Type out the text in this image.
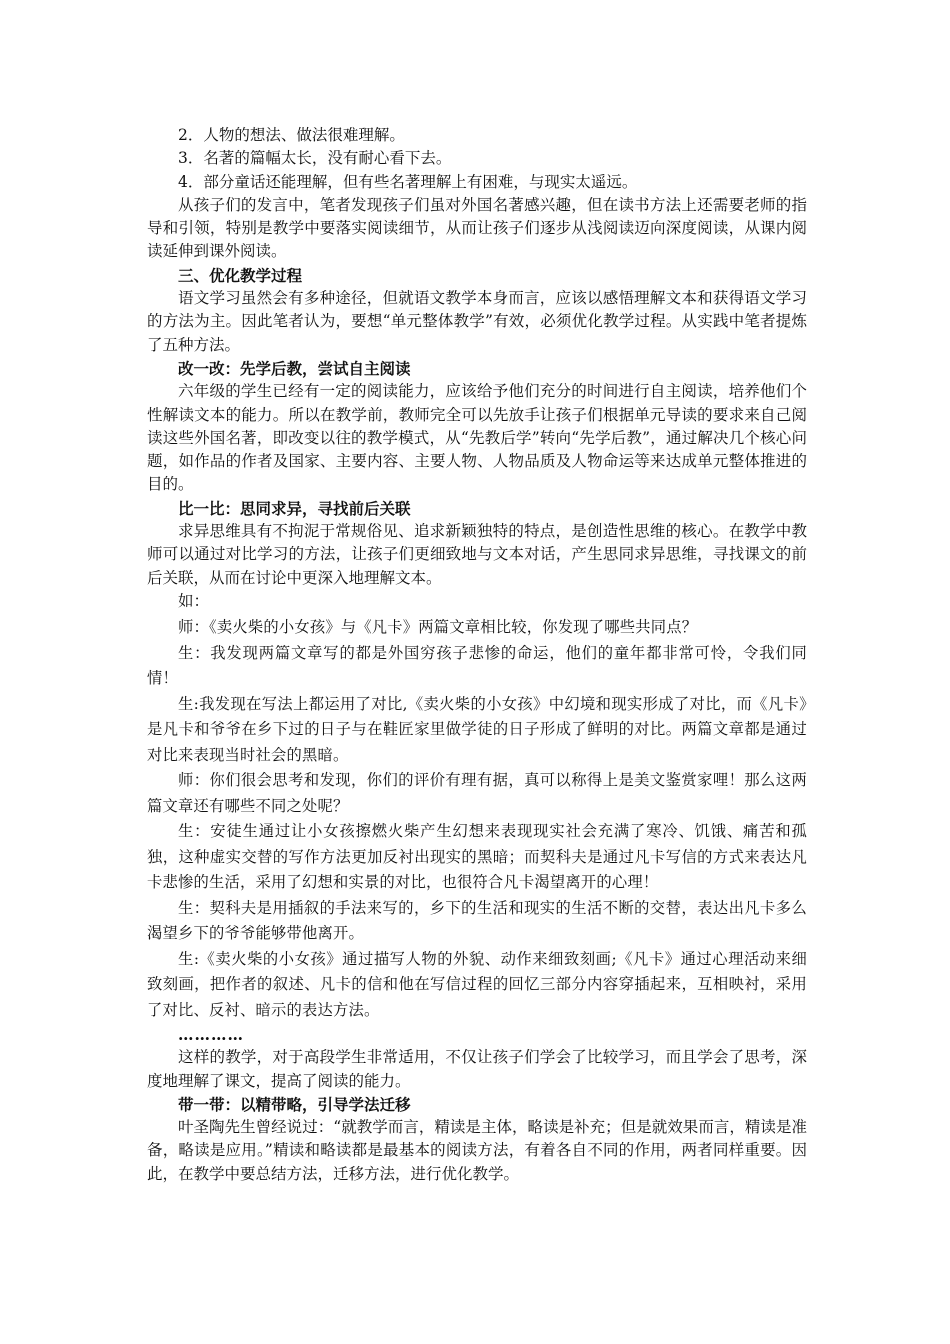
2．人物的想法、做法很难理解。

3．名著的篇幅太长，没有耐心看下去。

4．部分童话还能理解，但有些名著理解上有困难，与现实太遥远。

从孩子们的发言中，笔者发现孩子们虽对外国名著感兴趣，但在读书方法上还需要老师的指导和引领，特别是教学中要落实阅读细节，从而让孩子们逐步从浅阅读迈向深度阅读，从课内阅读延伸到课外阅读。

三、优化教学过程

语文学习虽然会有多种途径，但就语文教学本身而言，应该以感悟理解文本和获得语文学习的方法为主。因此笔者认为，要想“单元整体教学”有效，必须优化教学过程。从实践中笔者提炼了五种方法。

改一改：先学后教，尝试自主阅读

六年级的学生已经有一定的阅读能力，应该给予他们充分的时间进行自主阅读，培养他们个性解读文本的能力。所以在教学前，教师完全可以先放手让孩子们根据单元导读的要求来自己阅读这些外国名著，即改变以往的教学模式，从“先教后学”转向“先学后教”，通过解决几个核心问题，如作品的作者及国家、主要内容、主要人物、人物品质及人物命运等来达成单元整体推进的目的。

比一比：思同求异，寻找前后关联

求异思维具有不拘泥于常规俗见、追求新颖独特的特点，是创造性思维的核心。在教学中教师可以通过对比学习的方法，让孩子们更细致地与文本对话，产生思同求异思维，寻找课文的前后关联，从而在讨论中更深入地理解文本。

如：

师：《卖火柴的小女孩》与《凡卡》两篇文章相比较，你发现了哪些共同点？

生：我发现两篇文章写的都是外国穷孩子悲惨的命运，他们的童年都非常可怜，令我们同情！

生:我发现在写法上都运用了对比,《卖火柴的小女孩》中幻境和现实形成了对比，而《凡卡》是凡卡和爷爷在乡下过的日子与在鞋匠家里做学徒的日子形成了鲜明的对比。两篇文章都是通过对比来表现当时社会的黑暗。

师：你们很会思考和发现，你们的评价有理有据，真可以称得上是美文鉴赏家哩！那么这两篇文章还有哪些不同之处呢？

生：安徒生通过让小女孩擦燃火柴产生幻想来表现现实社会充满了寒冷、饥饿、痛苦和孤独，这种虚实交替的写作方法更加反衬出现实的黑暗；而契科夫是通过凡卡写信的方式来表达凡卡悲惨的生活，采用了幻想和实景的对比，也很符合凡卡渴望离开的心理！

生：契科夫是用插叙的手法来写的，乡下的生活和现实的生活不断的交替，表达出凡卡多么渴望乡下的爷爷能够带他离开。

生:《卖火柴的小女孩》通过描写人物的外貌、动作来细致刻画;《凡卡》通过心理活动来细致刻画，把作者的叙述、凡卡的信和他在写信过程的回忆三部分内容穿插起来，互相映衬，采用了对比、反衬、暗示的表达方法。

…………

这样的教学，对于高段学生非常适用，不仅让孩子们学会了比较学习，而且学会了思考，深度地理解了课文，提高了阅读的能力。

带一带：以精带略，引导学法迁移

叶圣陶先生曾经说过：“就教学而言，精读是主体，略读是补充；但是就效果而言，精读是准备，略读是应用。”精读和略读都是最基本的阅读方法，有着各自不同的作用，两者同样重要。因此，在教学中要总结方法，迁移方法，进行优化教学。
